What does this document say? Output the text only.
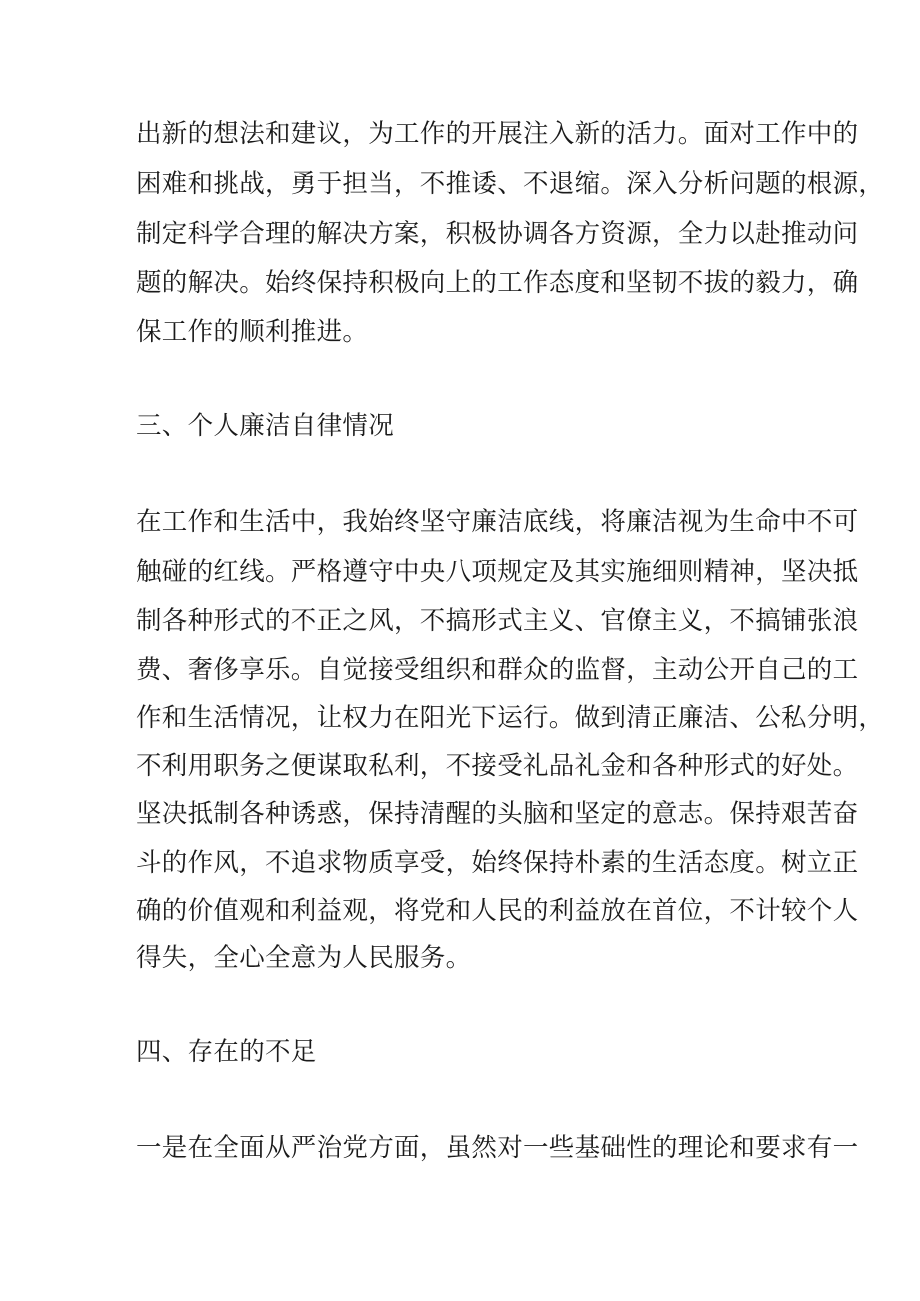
出新的想法和建议，为工作的开展注入新的活力。面对工作中的
困难和挑战，勇于担当，不推诿、不退缩。深入分析问题的根源，
制定科学合理的解决方案，积极协调各方资源，全力以赴推动问
题的解决。始终保持积极向上的工作态度和坚韧不拔的毅力，确
保工作的顺利推进。
三、个人廉洁自律情况
在工作和生活中，我始终坚守廉洁底线，将廉洁视为生命中不可
触碰的红线。严格遵守中央八项规定及其实施细则精神，坚决抵
制各种形式的不正之风，不搞形式主义、官僚主义，不搞铺张浪
费、奢侈享乐。自觉接受组织和群众的监督，主动公开自己的工
作和生活情况，让权力在阳光下运行。做到清正廉洁、公私分明，
不利用职务之便谋取私利，不接受礼品礼金和各种形式的好处。
坚决抵制各种诱惑，保持清醒的头脑和坚定的意志。保持艰苦奋
斗的作风，不追求物质享受，始终保持朴素的生活态度。树立正
确的价值观和利益观，将党和人民的利益放在首位，不计较个人
得失，全心全意为人民服务。
四、存在的不足
一是在全面从严治党方面，虽然对一些基础性的理论和要求有一
